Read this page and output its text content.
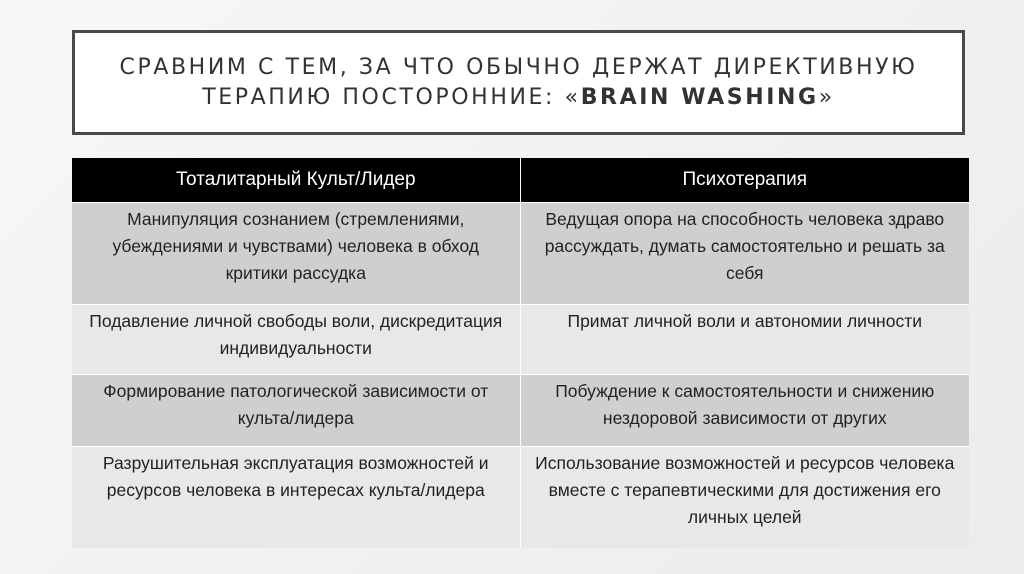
СРАВНИМ С ТЕМ, ЗА ЧТО ОБЫЧНО ДЕРЖАТ ДИРЕКТИВНУЮ
ТЕРАПИЮ ПОСТОРОННИЕ: «BRAIN WASHING»

Тоталитарный Культ/Лидер	Психотерапия
Манипуляция сознанием (стремлениями, убеждениями и чувствами) человека в обход критики рассудка	Ведущая опора на способность человека здраво рассуждать, думать самостоятельно и решать за себя
Подавление личной свободы воли, дискредитация индивидуальности	Примат личной воли и автономии личности
Формирование патологической зависимости от культа/лидера	Побуждение к самостоятельности и снижению нездоровой зависимости от других
Разрушительная эксплуатация возможностей и ресурсов человека в интересах культа/лидера	Использование возможностей и ресурсов человека вместе с терапевтическими для достижения его личных целей
